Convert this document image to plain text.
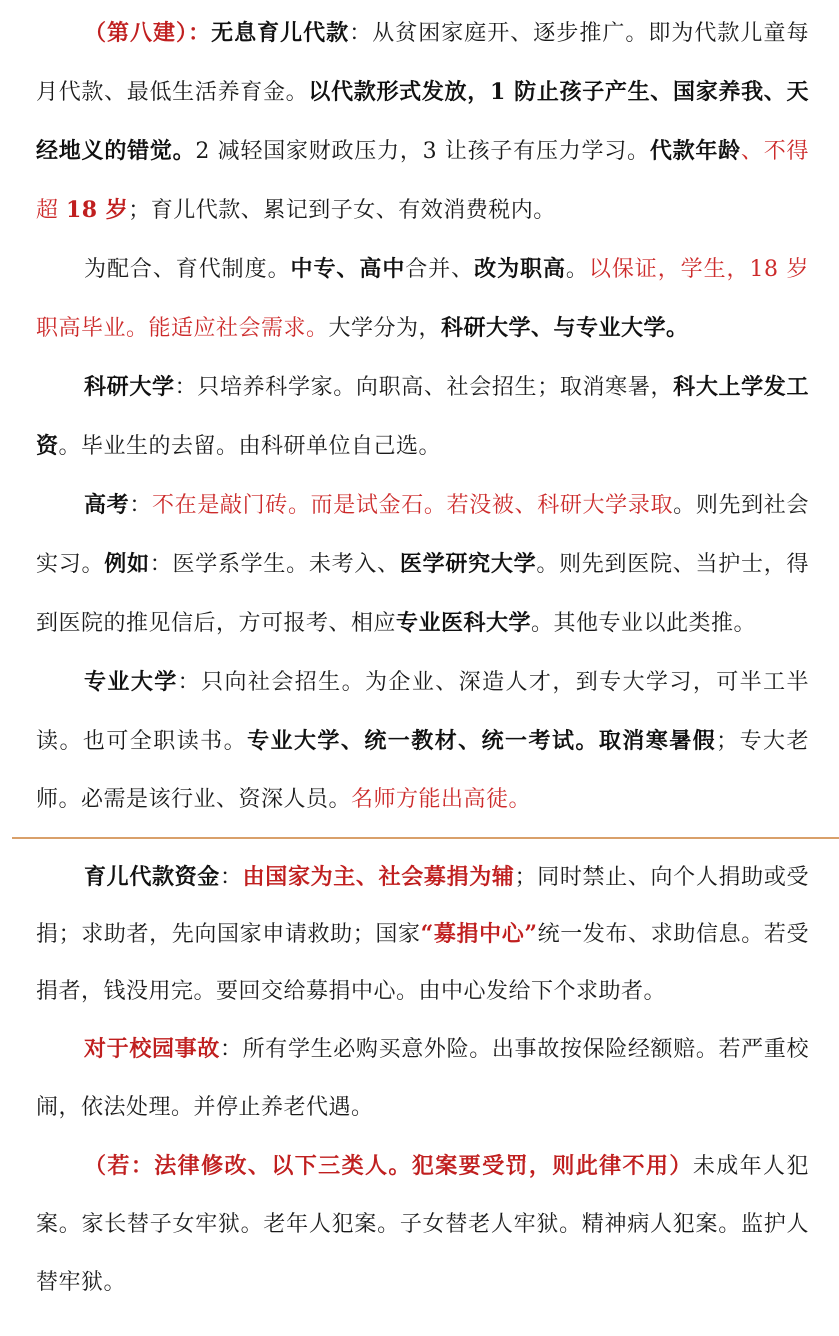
（第八建）：无息育儿代款：从贫困家庭开、逐步推广。即为代款儿童每月代款、最低生活养育金。以代款形式发放，1 防止孩子产生、国家养我、天经地义的错觉。2 减轻国家财政压力，3 让孩子有压力学习。代款年龄、不得超 18 岁；育儿代款、累记到子女、有效消费税内。

为配合、育代制度。中专、高中合并、改为职高。以保证，学生，18 岁职高毕业。能适应社会需求。大学分为，科研大学、与专业大学。

科研大学：只培养科学家。向职高、社会招生；取消寒暑，科大上学发工资。毕业生的去留。由科研单位自己选。

高考：不在是敲门砖。而是试金石。若没被、科研大学录取。则先到社会实习。例如：医学系学生。未考入、医学研究大学。则先到医院、当护士，得到医院的推见信后，方可报考、相应专业医科大学。其他专业以此类推。

专业大学：只向社会招生。为企业、深造人才，到专大学习，可半工半读。也可全职读书。专业大学、统一教材、统一考试。取消寒暑假；专大老师。必需是该行业、资深人员。名师方能出高徒。

育儿代款资金：由国家为主、社会募捐为辅；同时禁止、向个人捐助或受捐；求助者，先向国家申请救助；国家“募捐中心”统一发布、求助信息。若受捐者，钱没用完。要回交给募捐中心。由中心发给下个求助者。

对于校园事故：所有学生必购买意外险。出事故按保险经额赔。若严重校闹，依法处理。并停止养老代遇。

（若：法律修改、以下三类人。犯案要受罚，则此律不用）未成年人犯案。家长替子女牢狱。老年人犯案。子女替老人牢狱。精神病人犯案。监护人替牢狱。
